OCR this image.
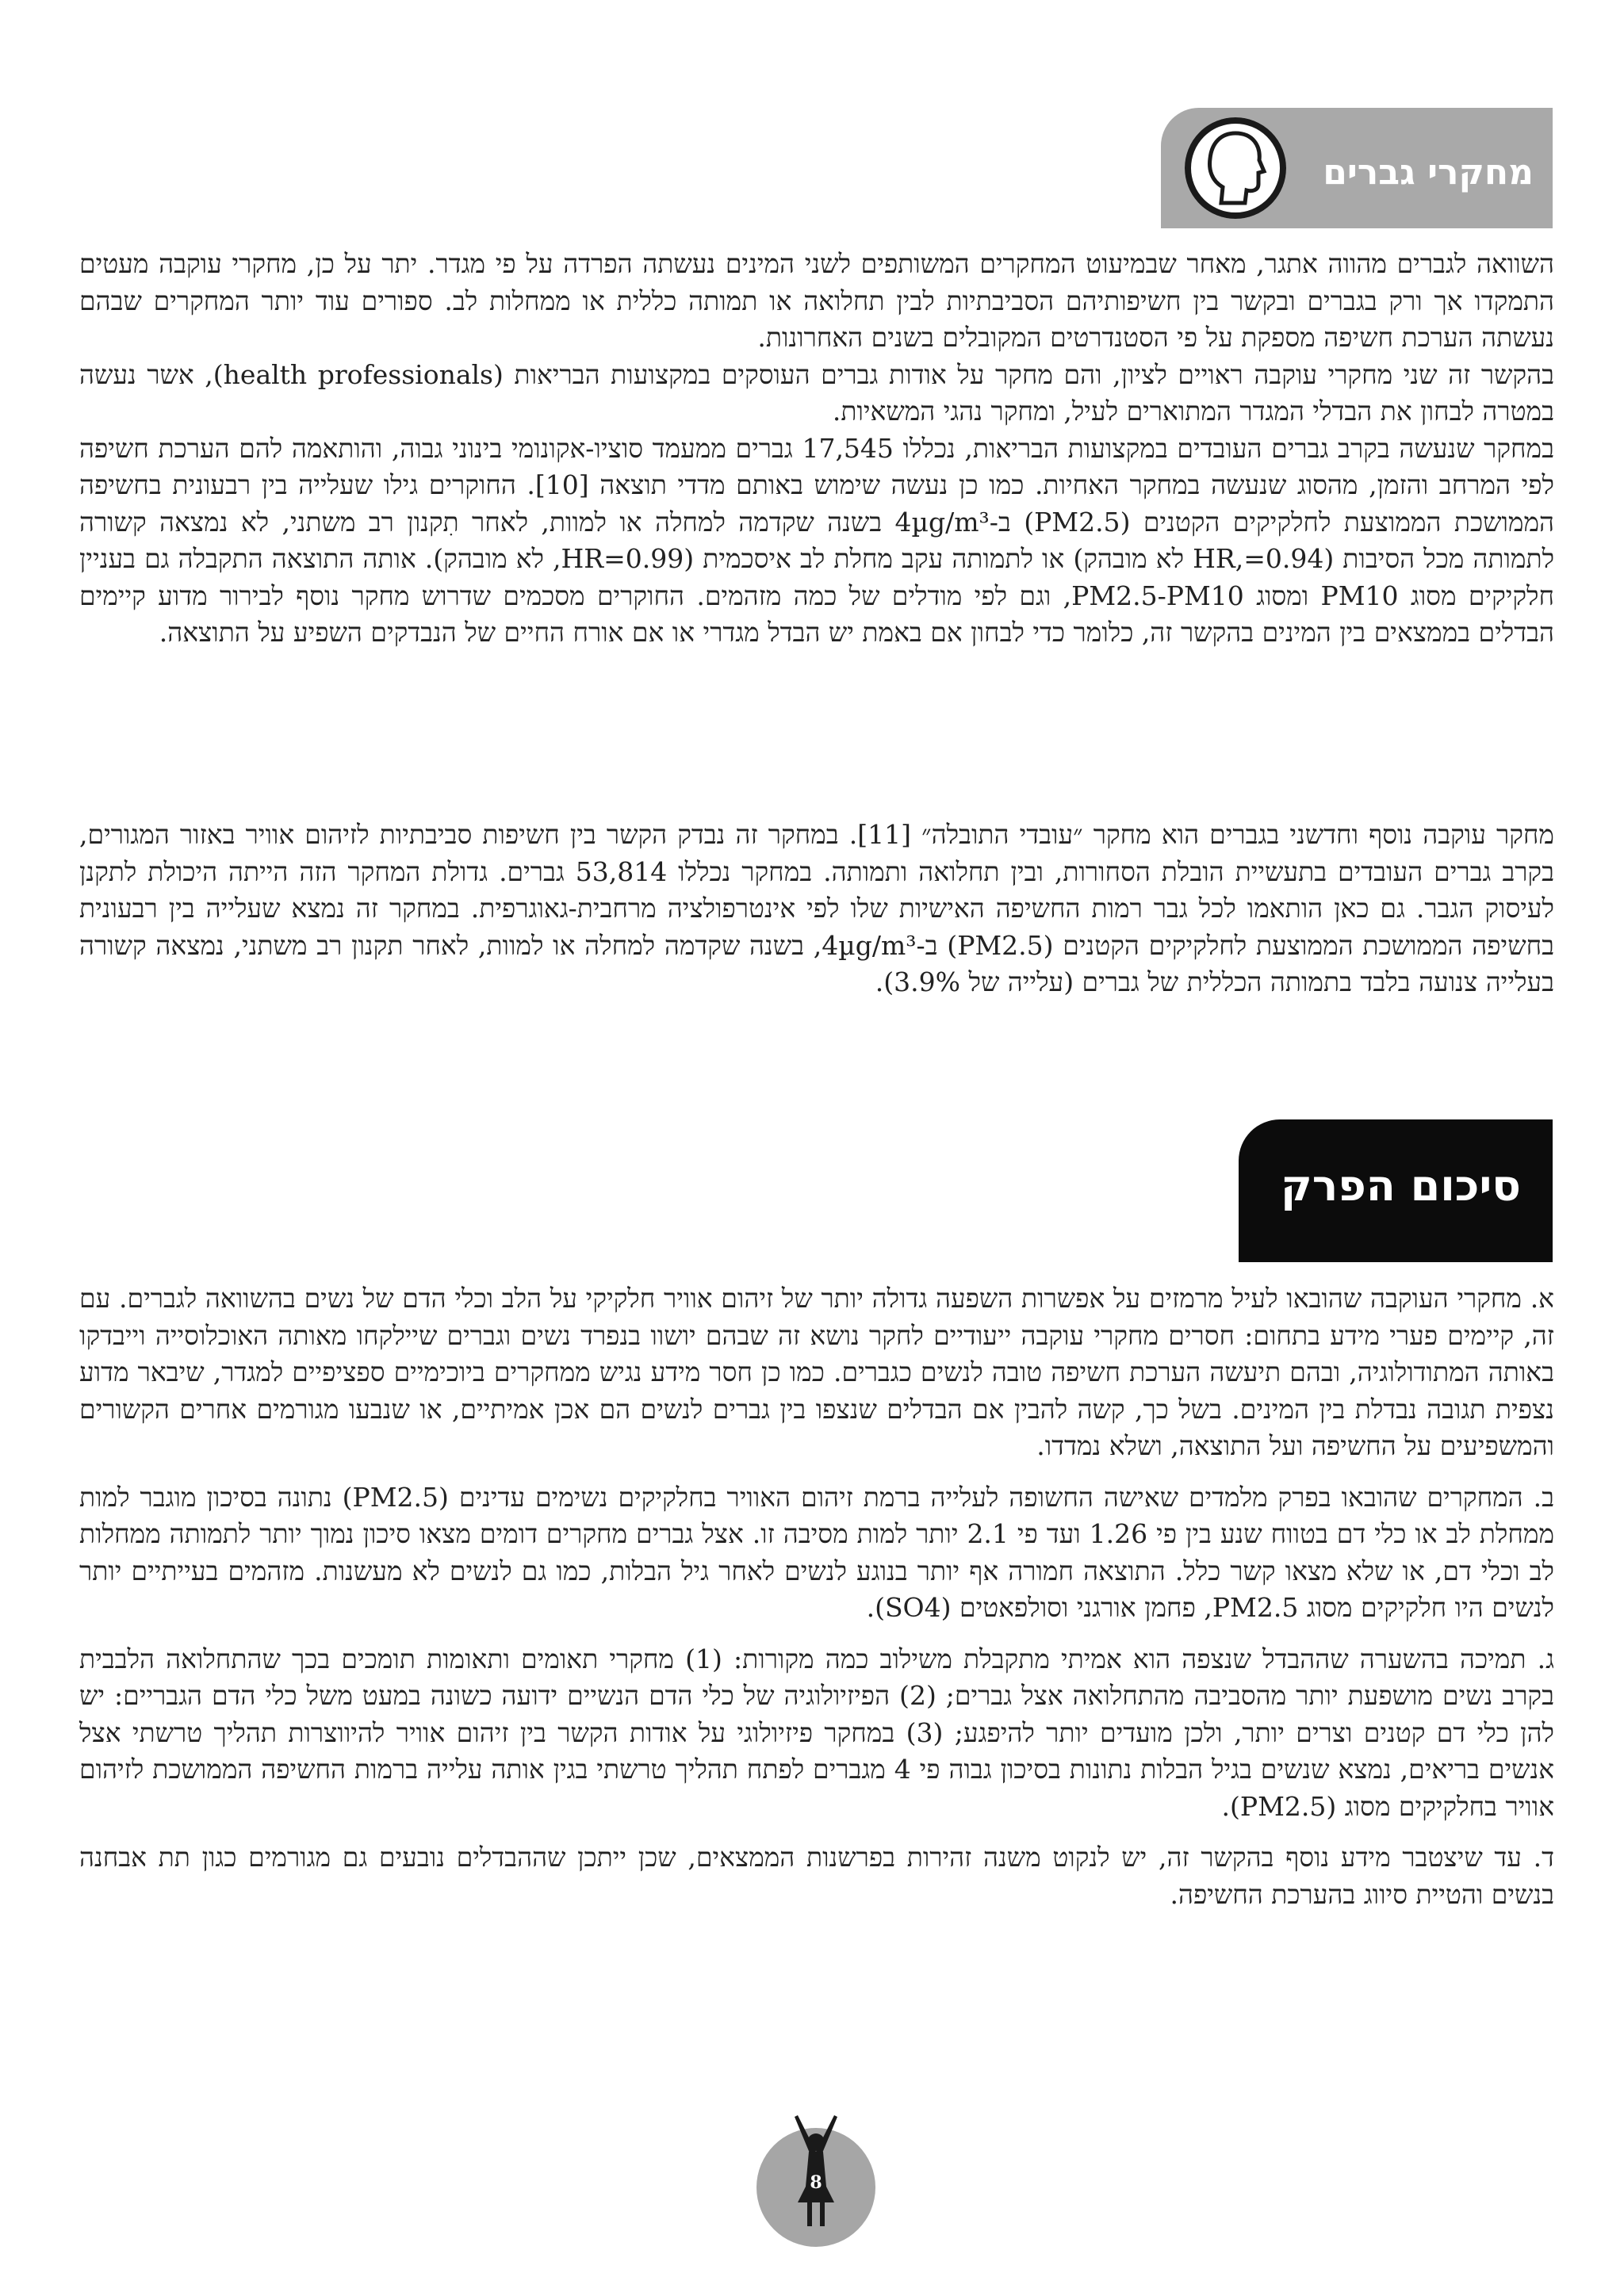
מחקרי גברים

השוואה לגברים מהווה אתגר, מאחר שבמיעוט המחקרים המשותפים לשני המינים נעשתה הפרדה על פי מגדר. יתר על כן, מחקרי עוקבה מעטים התמקדו אך ורק בגברים ובקשר בין חשיפותיהם הסביבתיות לבין תחלואה או תמותה כללית או ממחלות לב. ספורים עוד יותר המחקרים שבהם נעשתה הערכת חשיפה מספקת על פי הסטנדרטים המקובלים בשנים האחרונות.

בהקשר זה שני מחקרי עוקבה ראויים לציון, והם מחקר על אודות גברים העוסקים במקצועות הבריאות (health professionals), אשר נעשה במטרה לבחון את הבדלי המגדר המתוארים לעיל, ומחקר נהגי המשאיות.

במחקר שנעשה בקרב גברים העובדים במקצועות הבריאות, נכללו 17,545 גברים ממעמד סוציו-אקונומי בינוני גבוה, והותאמה להם הערכת חשיפה לפי המרחב והזמן, מהסוג שנעשה במחקר האחיות. כמו כן נעשה שימוש באותם מדדי תוצאה [10]. החוקרים גילו שעלייה בין רבעונית בחשיפה הממושכת הממוצעת לחלקיקים הקטנים (PM2.5) ב-4µg/m³ בשנה שקדמה למחלה או למוות, לאחר תִקנון רב משתני, לא נמצאה קשורה לתמותה מכל הסיבות (HR,=0.94 לא מובהק) או לתמותה עקב מחלת לב איסכמית (HR=0.99, לא מובהק). אותה התוצאה התקבלה גם בעניין חלקיקים מסוג PM10 ומסוג PM2.5-PM10, וגם לפי מודלים של כמה מזהמים. החוקרים מסכמים שדרוש מחקר נוסף לבירור מדוע קיימים הבדלים בממצאים בין המינים בהקשר זה, כלומר כדי לבחון אם באמת יש הבדל מגדרי או אם אורח החיים של הנבדקים השפיע על התוצאה.

מחקר עוקבה נוסף וחדשני בגברים הוא מחקר ״עובדי התובלה״ [11]. במחקר זה נבדק הקשר בין חשיפות סביבתיות לזיהום אוויר באזור המגורים, בקרב גברים העובדים בתעשיית הובלת הסחורות, ובין תחלואה ותמותה. במחקר נכללו 53,814 גברים. גדולת המחקר הזה הייתה היכולת לתקנן לעיסוק הגבר. גם כאן הותאמו לכל גבר רמות החשיפה האישיות שלו לפי אינטרפולציה מרחבית-גאוגרפית. במחקר זה נמצא שעלייה בין רבעונית בחשיפה הממושכת הממוצעת לחלקיקים הקטנים (PM2.5) ב-4µg/m³, בשנה שקדמה למחלה או למוות, לאחר תקנון רב משתני, נמצאה קשורה בעלייה צנועה בלבד בתמותה הכללית של גברים (עלייה של 3.9%).

סיכום הפרק

א. מחקרי העוקבה שהובאו לעיל מרמזים על אפשרות השפעה גדולה יותר של זיהום אוויר חלקיקי על הלב וכלי הדם של נשים בהשוואה לגברים. עם זה, קיימים פערי מידע בתחום: חסרים מחקרי עוקבה ייעודיים לחקר נושא זה שבהם יושוו בנפרד נשים וגברים שיילקחו מאותה האוכלוסייה וייבדקו באותה המתודולוגיה, ובהם תיעשה הערכת חשיפה טובה לנשים כגברים. כמו כן חסר מידע נגיש ממחקרים ביוכימיים ספציפיים למגדר, שיבאר מדוע נצפית תגובה נבדלת בין המינים. בשל כך, קשה להבין אם הבדלים שנצפו בין גברים לנשים הם אכן אמיתיים, או שנבעו מגורמים אחרים הקשורים והמשפיעים על החשיפה ועל התוצאה, ושלא נמדדו.

ב. המחקרים שהובאו בפרק מלמדים שאישה החשופה לעלייה ברמת זיהום האוויר בחלקיקים נשימים עדינים (PM2.5) נתונה בסיכון מוגבר למות ממחלת לב או כלי דם בטווח שנע בין פי 1.26 ועד פי 2.1 יותר למות מסיבה זו. אצל גברים מחקרים דומים מצאו סיכון נמוך יותר לתמותה ממחלות לב וכלי דם, או שלא מצאו קשר כלל. התוצאה חמורה אף יותר בנוגע לנשים לאחר גיל הבלות, כמו גם לנשים לא מעשנות. מזהמים בעייתיים יותר לנשים היו חלקיקים מסוג PM2.5, פחמן אורגני וסולפאטים (SO4).

ג. תמיכה בהשערה שההבדל שנצפה הוא אמיתי מתקבלת משילוב כמה מקורות: (1) מחקרי תאומים ותאומות תומכים בכך שהתחלואה הלבבית בקרב נשים מושפעת יותר מהסביבה מהתחלואה אצל גברים; (2) הפיזיולוגיה של כלי הדם הנשיים ידועה כשונה במעט משל כלי הדם הגבריים: יש להן כלי דם קטנים וצרים יותר, ולכן מועדים יותר להיפגע; (3) במחקר פיזיולוגי על אודות הקשר בין זיהום אוויר להיווצרות תהליך טרשתי אצל אנשים בריאים, נמצא שנשים בגיל הבלות נתונות בסיכון גבוה פי 4 מגברים לפתח תהליך טרשתי בגין אותה עלייה ברמות החשיפה הממושכת לזיהום אוויר בחלקיקים מסוג (PM2.5).

ד. עד שיצטבר מידע נוסף בהקשר זה, יש לנקוט משנה זהירות בפרשנות הממצאים, שכן ייתכן שההבדלים נובעים גם מגורמים כגון תת אבחנה בנשים והטיית סיווג בהערכת החשיפה.

8
